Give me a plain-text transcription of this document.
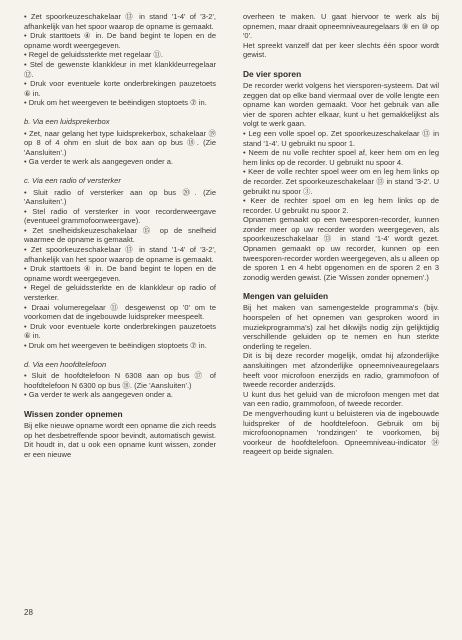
• Zet spoorkeuzeschakelaar ⑬ in stand '1-4' of '3-2', afhankelijk van het spoor waarop de opname is gemaakt.

• Druk starttoets ④ in. De band begint te lopen en de opname wordt weergegeven.

• Regel de geluidssterkte met regelaar ⑪.

• Stel de gewenste klankkleur in met klankkleurregelaar ⑫.

• Druk voor eventuele korte onderbrekingen pauzetoets ⑥ in.

• Druk om het weergeven te beëindigen stoptoets ⑦ in.

b. Via een luidsprekerbox

• Zet, naar gelang het type luidsprekerbox, schakelaar ⑲ op 8 of 4 ohm en sluit de box aan op bus ⑱. (Zie 'Aansluiten'.)

• Ga verder te werk als aangegeven onder a.

c. Via een radio of versterker

• Sluit radio of versterker aan op bus ⑳. (Zie 'Aansluiten'.)

• Stel radio of versterker in voor recorderweergave (eventueel grammofoonweergave).

• Zet snelheidskeuzeschakelaar ⑮ op de snelheid waarmee de opname is gemaakt.

• Zet spoorkeuzeschakelaar ⑬ in stand '1-4' of '3-2', afhankelijk van het spoor waarop de opname is gemaakt.

• Druk starttoets ④ in. De band begint te lopen en de opname wordt weergegeven.

• Regel de geluidssterkte en de klankkleur op radio of versterker.

• Draai volumeregelaar ⑪ desgewenst op '0' om te voorkomen dat de ingebouwde luidspreker meespeelt.

• Druk voor eventuele korte onderbrekingen pauzetoets ⑥ in.

• Druk om het weergeven te beëindigen stoptoets ⑦ in.

d. Via een hoofdtelefoon

• Sluit de hoofdtelefoon N 6308 aan op bus ⑰ of hoofdtelefoon N 6300 op bus ⑱. (Zie 'Aansluiten'.)

• Ga verder te werk als aangegeven onder a.

Wissen zonder opnemen

Bij elke nieuwe opname wordt een opname die zich reeds op het desbetreffende spoor bevindt, automatisch gewist. Dit houdt in, dat u ook een opname kunt wissen, zonder er een nieuwe

overheen te maken. U gaat hiervoor te werk als bij opnemen, maar draait opneemniveauregelaars ⑨ en ⑩ op '0'.
Het spreekt vanzelf dat per keer slechts één spoor wordt gewist.

De vier sporen

De recorder werkt volgens het viersporen-systeem. Dat wil zeggen dat op elke band viermaal over de volle lengte een opname kan worden gemaakt. Voor het gebruik van alle vier de sporen achter elkaar, kunt u het gemakkelijkst als volgt te werk gaan.

• Leg een volle spoel op. Zet spoorkeuzeschakelaar ⑬ in stand '1-4'. U gebruikt nu spoor 1.

• Neem de nu volle rechter spoel af, keer hem om en leg hem links op de recorder. U gebruikt nu spoor 4.

• Keer de volle rechter spoel weer om en leg hem links op de recorder. Zet spoorkeuzeschakelaar ⑬ in stand '3-2'. U gebruikt nu spoor ③.

• Keer de rechter spoel om en leg hem links op de recorder. U gebruikt nu spoor 2.

Opnamen gemaakt op een tweesporen-recorder, kunnen zonder meer op uw recorder worden weergegeven, als spoorkeuzeschakelaar ⑬ in stand '1-4' wordt gezet. Opnamen gemaakt op uw recorder, kunnen op een tweesporen-recorder worden weergegeven, als u alleen op de sporen 1 en 4 hebt opgenomen en de sporen 2 en 3 zonodig werden gewist. (Zie 'Wissen zonder opnemen'.)

Mengen van geluiden

Bij het maken van samengestelde programma's (bijv. hoorspelen of het opnemen van gesproken woord in muziekprogramma's) zal het dikwijls nodig zijn gelijktijdig verschillende geluiden op te nemen en hun sterkte onderling te regelen.

Dit is bij deze recorder mogelijk, omdat hij afzonderlijke aansluitingen met afzonderlijke opneemniveauregelaars heeft voor microfoon enerzijds en radio, grammofoon of tweede recorder anderzijds.

U kunt dus het geluid van de microfoon mengen met dat van een radio, grammofoon, of tweede recorder.

De mengverhouding kunt u beluisteren via de ingebouwde luidspreker of de hoofdtelefoon. Gebruik om bij microfoonopnamen 'rondzingen' te voorkomen, bij voorkeur de hoofdtelefoon. Opneemniveau-indicator ⑭ reageert op beide signalen.

28
